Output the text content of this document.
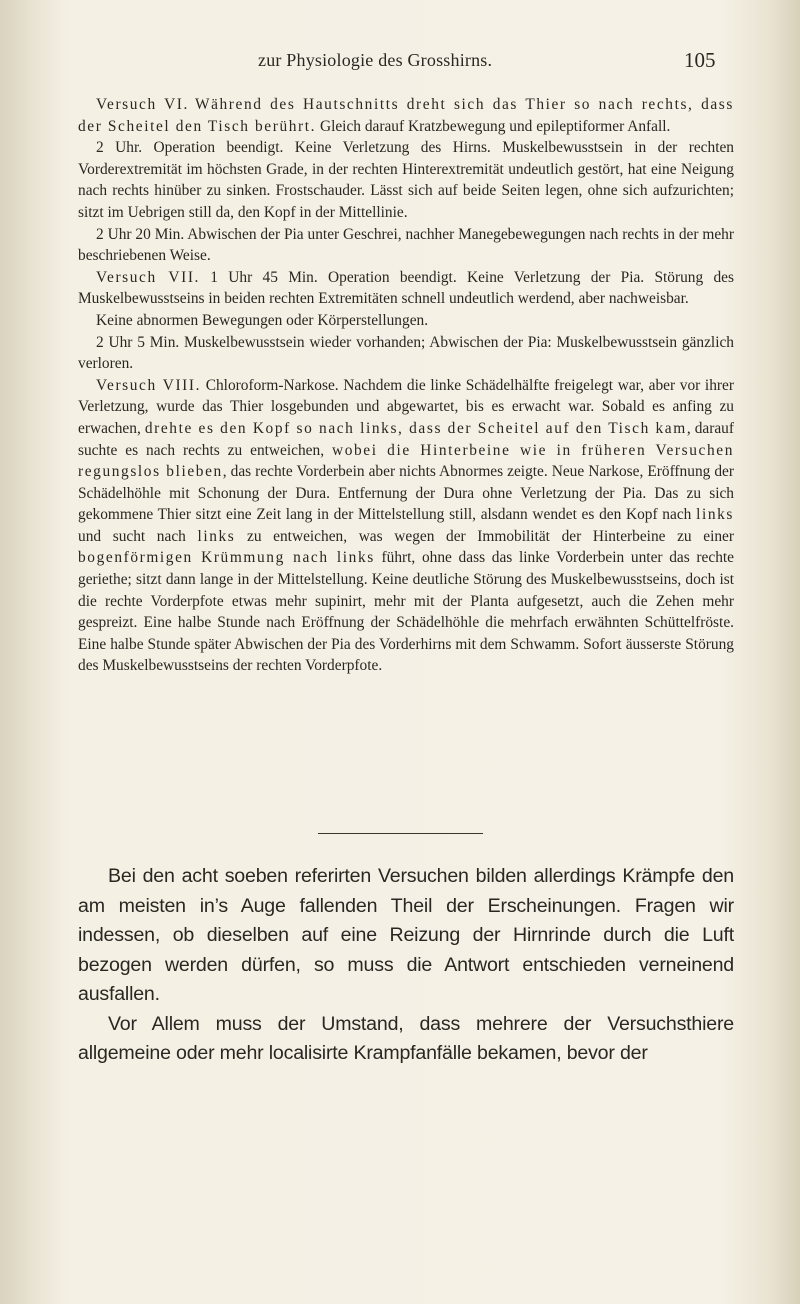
zur Physiologie des Grosshirns.	105

Versuch VI. Während des Hautschnitts dreht sich das Thier so nach rechts, dass der Scheitel den Tisch berührt. Gleich darauf Kratzbewegung und epileptiformer Anfall.

2 Uhr. Operation beendigt. Keine Verletzung des Hirns. Muskelbewusstsein in der rechten Vorderextremität im höchsten Grade, in der rechten Hinterextremität undeutlich gestört, hat eine Neigung nach rechts hinüber zu sinken. Frostschauder. Lässt sich auf beide Seiten legen, ohne sich aufzurichten; sitzt im Uebrigen still da, den Kopf in der Mittellinie.

2 Uhr 20 Min. Abwischen der Pia unter Geschrei, nachher Manegebewegungen nach rechts in der mehr beschriebenen Weise.

Versuch VII. 1 Uhr 45 Min. Operation beendigt. Keine Verletzung der Pia. Störung des Muskelbewusstseins in beiden rechten Extremitäten schnell undeutlich werdend, aber nachweisbar.

Keine abnormen Bewegungen oder Körperstellungen.

2 Uhr 5 Min. Muskelbewusstsein wieder vorhanden; Abwischen der Pia: Muskelbewusstsein gänzlich verloren.

Versuch VIII. Chloroform-Narkose. Nachdem die linke Schädelhälfte freigelegt war, aber vor ihrer Verletzung, wurde das Thier losgebunden und abgewartet, bis es erwacht war. Sobald es anfing zu erwachen, drehte es den Kopf so nach links, dass der Scheitel auf den Tisch kam, darauf suchte es nach rechts zu entweichen, wobei die Hinterbeine wie in früheren Versuchen regungslos blieben, das rechte Vorderbein aber nichts Abnormes zeigte. Neue Narkose, Eröffnung der Schädelhöhle mit Schonung der Dura. Entfernung der Dura ohne Verletzung der Pia. Das zu sich gekommene Thier sitzt eine Zeit lang in der Mittelstellung still, alsdann wendet es den Kopf nach links und sucht nach links zu entweichen, was wegen der Immobilität der Hinterbeine zu einer bogenförmigen Krümmung nach links führt, ohne dass das linke Vorderbein unter das rechte geriethe; sitzt dann lange in der Mittelstellung. Keine deutliche Störung des Muskelbewusstseins, doch ist die rechte Vorderpfote etwas mehr supinirt, mehr mit der Planta aufgesetzt, auch die Zehen mehr gespreizt. Eine halbe Stunde nach Eröffnung der Schädelhöhle die mehrfach erwähnten Schüttelfröste. Eine halbe Stunde später Abwischen der Pia des Vorderhirns mit dem Schwamm. Sofort äusserste Störung des Muskelbewusstseins der rechten Vorderpfote.

Bei den acht soeben referirten Versuchen bilden allerdings Krämpfe den am meisten in’s Auge fallenden Theil der Erscheinungen. Fragen wir indessen, ob dieselben auf eine Reizung der Hirnrinde durch die Luft bezogen werden dürfen, so muss die Antwort entschieden verneinend ausfallen.

Vor Allem muss der Umstand, dass mehrere der Versuchsthiere allgemeine oder mehr localisirte Krampfanfälle bekamen, bevor der
